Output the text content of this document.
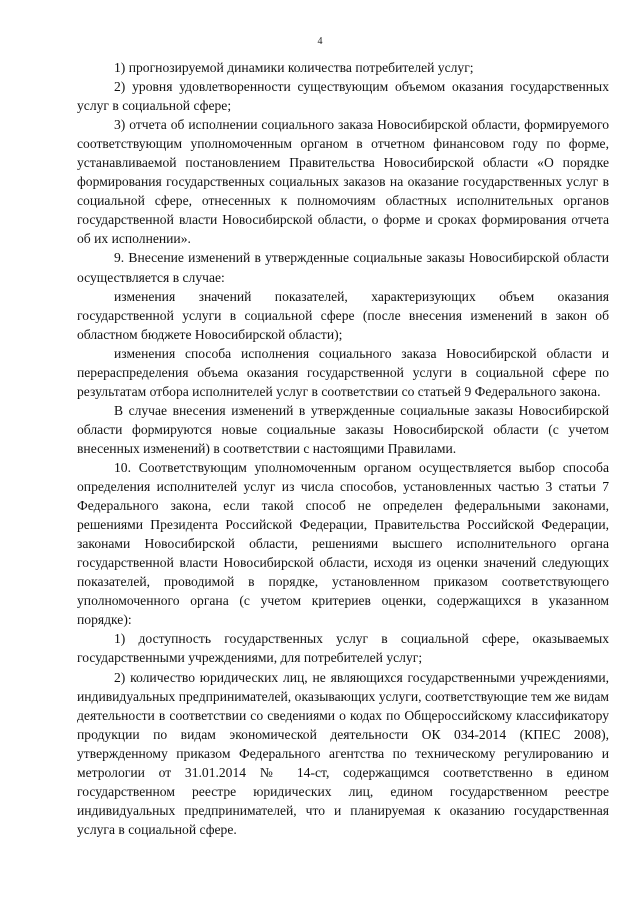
4

1) прогнозируемой динамики количества потребителей услуг;

2) уровня удовлетворенности существующим объемом оказания государственных услуг в социальной сфере;

3) отчета об исполнении социального заказа Новосибирской области, формируемого соответствующим уполномоченным органом в отчетном финансовом году по форме, устанавливаемой постановлением Правительства Новосибирской области «О порядке формирования государственных социальных заказов на оказание государственных услуг в социальной сфере, отнесенных к полномочиям областных исполнительных органов государственной власти Новосибирской области, о форме и сроках формирования отчета об их исполнении».

9. Внесение изменений в утвержденные социальные заказы Новосибирской области осуществляется в случае:

изменения значений показателей, характеризующих объем оказания государственной услуги в социальной сфере (после внесения изменений в закон об областном бюджете Новосибирской области);

изменения способа исполнения социального заказа Новосибирской области и перераспределения объема оказания государственной услуги в социальной сфере по результатам отбора исполнителей услуг в соответствии со статьей 9 Федерального закона.

В случае внесения изменений в утвержденные социальные заказы Новосибирской области формируются новые социальные заказы Новосибирской области (с учетом внесенных изменений) в соответствии с настоящими Правилами.

10. Соответствующим уполномоченным органом осуществляется выбор способа определения исполнителей услуг из числа способов, установленных частью 3 статьи 7 Федерального закона, если такой способ не определен федеральными законами, решениями Президента Российской Федерации, Правительства Российской Федерации, законами Новосибирской области, решениями высшего исполнительного органа государственной власти Новосибирской области, исходя из оценки значений следующих показателей, проводимой в порядке, установленном приказом соответствующего уполномоченного органа (с учетом критериев оценки, содержащихся в указанном порядке):

1) доступность государственных услуг в социальной сфере, оказываемых государственными учреждениями, для потребителей услуг;

2) количество юридических лиц, не являющихся государственными учреждениями, индивидуальных предпринимателей, оказывающих услуги, соответствующие тем же видам деятельности в соответствии со сведениями о кодах по Общероссийскому классификатору продукции по видам экономической деятельности ОК 034-2014 (КПЕС 2008), утвержденному приказом Федерального агентства по техническому регулированию и метрологии от 31.01.2014 № 14-ст, содержащимся соответственно в едином государственном реестре юридических лиц, едином государственном реестре индивидуальных предпринимателей, что и планируемая к оказанию государственная услуга в социальной сфере.
